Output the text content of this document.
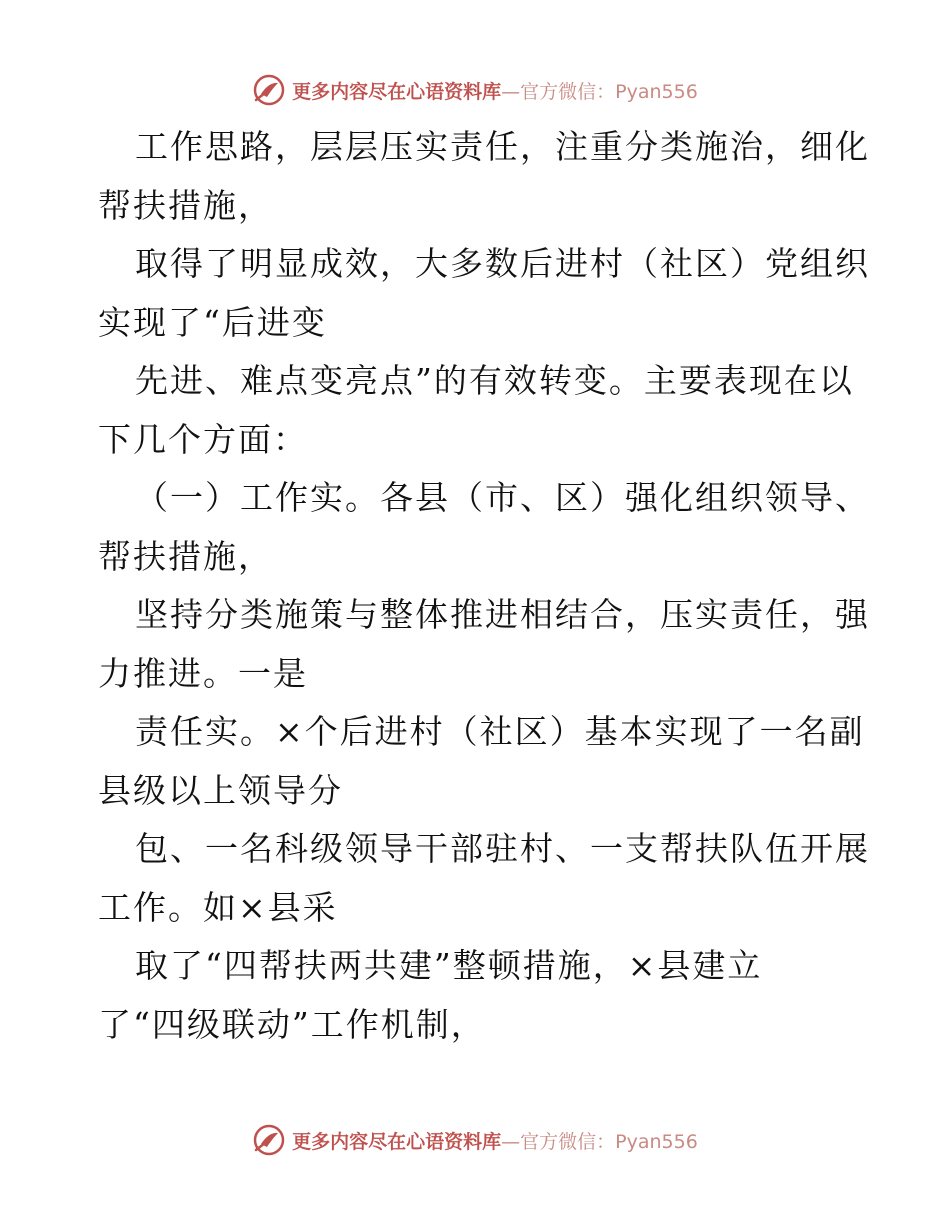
更多内容尽在心语资料库—官方微信：Pyan556
工作思路，层层压实责任，注重分类施治，细化
帮扶措施，
取得了明显成效，大多数后进村（社区）党组织
实现了“后进变
先进、难点变亮点”的有效转变。主要表现在以
下几个方面：
（一）工作实。各县（市、区）强化组织领导、
帮扶措施，
坚持分类施策与整体推进相结合，压实责任，强
力推进。一是
责任实。×个后进村（社区）基本实现了一名副
县级以上领导分
包、一名科级领导干部驻村、一支帮扶队伍开展
工作。如×县采
取了“四帮扶两共建”整顿措施，×县建立
了“四级联动”工作机制，
更多内容尽在心语资料库—官方微信：Pyan556
